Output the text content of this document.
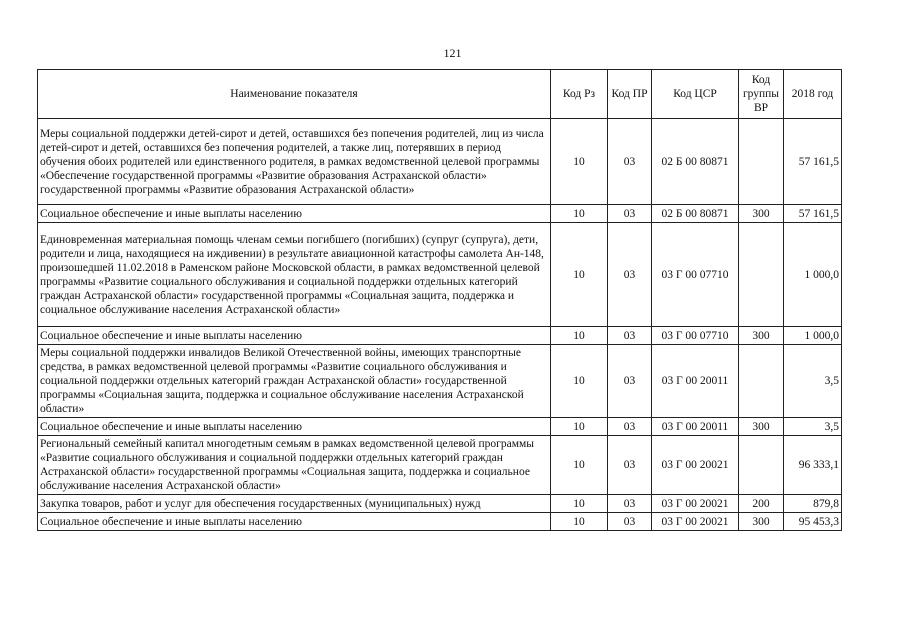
121
Наименование показателя	Код Рз	Код ПР	Код ЦСР	Код группы ВР	2018 год
Меры социальной поддержки детей-сирот и детей, оставшихся без попечения родителей, лиц из числа детей-сирот и детей, оставшихся без попечения родителей, а также лиц, потерявших в период обучения обоих родителей или единственного родителя, в рамках ведомственной целевой программы «Обеспечение государственной программы «Развитие образования Астраханской области» государственной программы «Развитие образования Астраханской области»	10	03	02 Б 00 80871		57 161,5
Социальное обеспечение и иные выплаты населению	10	03	02 Б 00 80871	300	57 161,5
Единовременная материальная помощь членам семьи погибшего (погибших) (супруг (супруга), дети, родители и лица, находящиеся на иждивении) в результате авиационной катастрофы самолета Ан-148, произошедшей 11.02.2018 в Раменском районе Московской области, в рамках ведомственной целевой программы «Развитие социального обслуживания и социальной поддержки отдельных категорий граждан Астраханской области» государственной программы «Социальная защита, поддержка и социальное обслуживание населения Астраханской области»	10	03	03 Г 00 07710		1 000,0
Социальное обеспечение и иные выплаты населению	10	03	03 Г 00 07710	300	1 000,0
Меры социальной поддержки инвалидов Великой Отечественной войны, имеющих транспортные средства, в рамках ведомственной целевой программы «Развитие социального обслуживания и социальной поддержки отдельных категорий граждан Астраханской области» государственной программы «Социальная защита, поддержка и социальное обслуживание населения Астраханской области»	10	03	03 Г 00 20011		3,5
Социальное обеспечение и иные выплаты населению	10	03	03 Г 00 20011	300	3,5
Региональный семейный капитал многодетным семьям в рамках ведомственной целевой программы «Развитие социального обслуживания и социальной поддержки отдельных категорий граждан Астраханской области» государственной программы «Социальная защита, поддержка и социальное обслуживание населения Астраханской области»	10	03	03 Г 00 20021		96 333,1
Закупка товаров, работ и услуг для обеспечения государственных (муниципальных) нужд	10	03	03 Г 00 20021	200	879,8
Социальное обеспечение и иные выплаты населению	10	03	03 Г 00 20021	300	95 453,3
